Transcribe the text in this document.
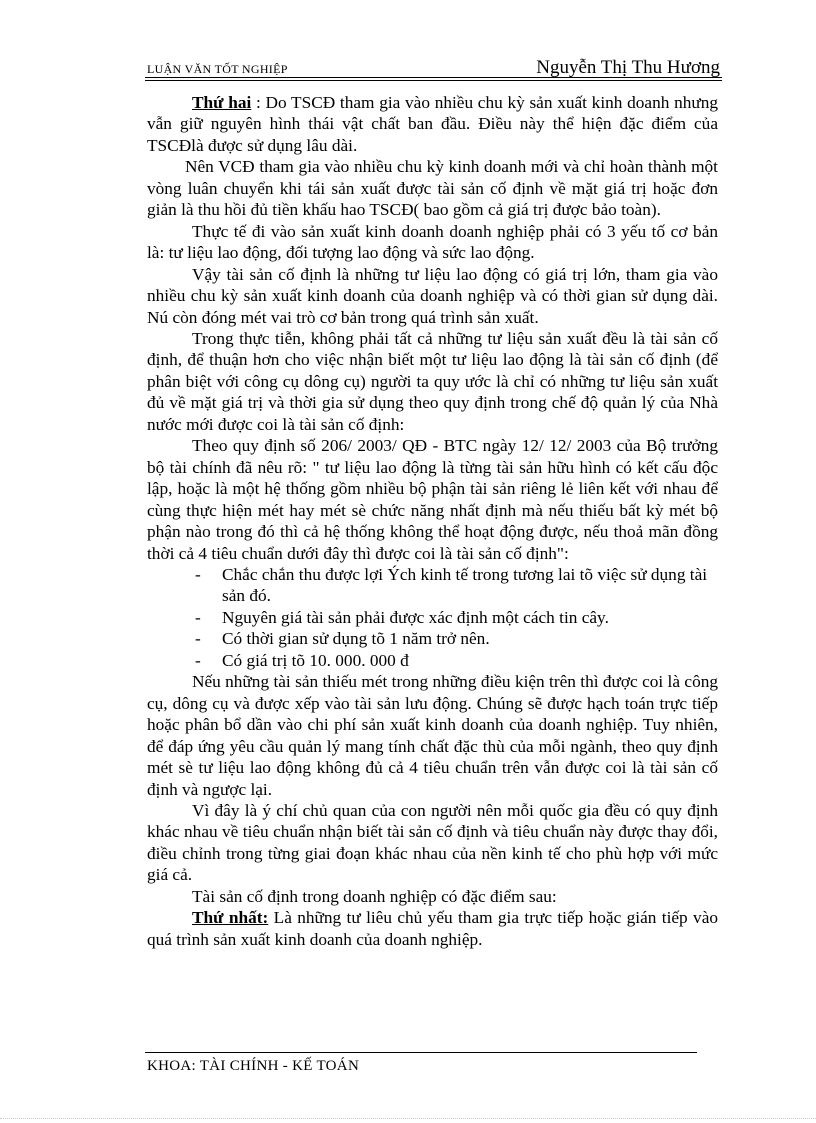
LUẬN VĂN TỐT NGHIỆP	Nguyễn Thị Thu Hương

Thứ hai : Do TSCĐ tham gia vào nhiều chu kỳ sản xuất kinh doanh nhưng vẫn giữ nguyên hình thái vật chất ban đầu. Điều này thể hiện đặc điểm của TSCĐlà được sử dụng lâu dài.

Nên VCĐ tham gia vào nhiều chu kỳ kinh doanh mới và chỉ hoàn thành một vòng luân chuyển khi tái sản xuất được tài sản cố định về mặt giá trị hoặc đơn giản là thu hồi đủ tiền khấu hao TSCĐ( bao gồm cả giá trị được bảo toàn).

Thực tế đi vào sản xuất kinh doanh doanh nghiệp phải có 3 yếu tố cơ bản là: tư liệu lao động, đối tượng lao động và sức lao động.

Vậy tài sản cố định là những tư liệu lao động có giá trị lớn, tham gia vào nhiều chu kỳ sản xuất kinh doanh của doanh nghiệp và có thời gian sử dụng dài. Nú còn đóng mét vai trò cơ bản trong quá trình sản xuất.

Trong thực tiễn, không phải tất cả những tư liệu sản xuất đều là tài sản cố định, để thuận hơn cho việc nhận biết một tư liệu lao động là tài sản cố định (để phân biệt với công cụ dông cụ) người ta quy ước là chỉ có những tư liệu sản xuất đủ về mặt giá trị và thời gia sử dụng theo quy định trong chế độ quản lý của Nhà nước mới được coi là tài sản cố định:

Theo quy định số 206/ 2003/ QĐ - BTC ngày 12/ 12/ 2003 của Bộ trưởng bộ tài chính đã nêu rõ: " tư liệu lao động là từng tài sản hữu hình có kết cấu độc lập, hoặc là một hệ thống gồm nhiều bộ phận tài sản riêng lẻ liên kết với nhau để cùng thực hiện mét hay mét sè chức năng nhất định mà nếu thiếu bất kỳ mét bộ phận nào trong đó thì cả hệ thống không thể hoạt động được, nếu thoả mãn đồng thời cả 4 tiêu chuẩn dưới đây thì được coi là tài sản cố định":

- Chắc chắn thu được lợi Ých kinh tế trong tương lai tõ việc sử dụng tài sản đó.
- Nguyên giá tài sản phải được xác định một cách tin cây.
- Có thời gian sử dụng tõ 1 năm trở nên.
- Có giá trị tõ 10. 000. 000 đ

Nếu những tài sản thiếu mét trong những điều kiện trên thì được coi là công cụ, dông cụ và được xếp vào tài sản lưu động. Chúng sẽ được hạch toán trực tiếp hoặc phân bổ dần vào chi phí sản xuất kinh doanh của doanh nghiệp. Tuy nhiên, để đáp ứng yêu cầu quản lý mang tính chất đặc thù của mỗi ngành, theo quy định mét sè tư liệu lao động không đủ cả 4 tiêu chuẩn trên vẫn được coi là tài sản cố định và ngược lại.

Vì đây là ý chí chủ quan của con người nên mỗi quốc gia đều có quy định khác nhau về tiêu chuẩn nhận biết tài sản cố định và tiêu chuẩn này được thay đổi, điều chỉnh trong từng giai đoạn khác nhau của nền kinh tế cho phù hợp với mức giá cả.

Tài sản cố định trong doanh nghiệp có đặc điểm sau:

Thứ nhất: Là những tư liêu chủ yếu tham gia trực tiếp hoặc gián tiếp vào quá trình sản xuất kinh doanh của doanh nghiệp.

KHOA: TÀI CHÍNH - KẾ TOÁN
